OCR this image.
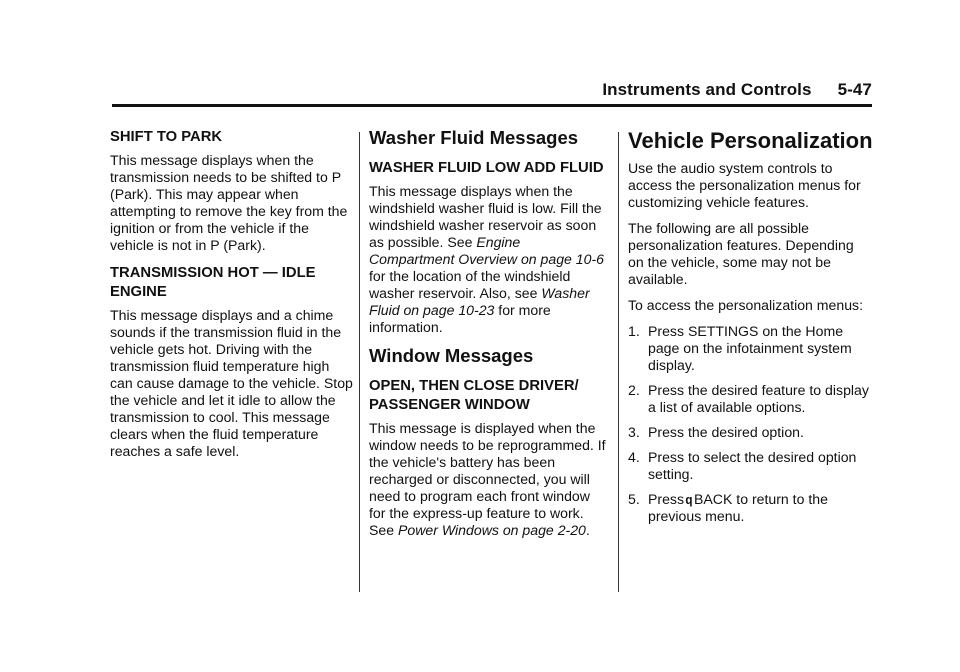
Instruments and Controls 5-47
SHIFT TO PARK

This message displays when the transmission needs to be shifted to P (Park). This may appear when attempting to remove the key from the ignition or from the vehicle if the vehicle is not in P (Park).

TRANSMISSION HOT — IDLE ENGINE

This message displays and a chime sounds if the transmission fluid in the vehicle gets hot. Driving with the transmission fluid temperature high can cause damage to the vehicle. Stop the vehicle and let it idle to allow the transmission to cool. This message clears when the fluid temperature reaches a safe level.

Washer Fluid Messages
WASHER FLUID LOW ADD FLUID

This message displays when the windshield washer fluid is low. Fill the windshield washer reservoir as soon as possible. See Engine Compartment Overview on page 10-6 for the location of the windshield washer reservoir. Also, see Washer Fluid on page 10-23 for more information.

Window Messages
OPEN, THEN CLOSE DRIVER/ PASSENGER WINDOW

This message is displayed when the window needs to be reprogrammed. If the vehicle's battery has been recharged or disconnected, you will need to program each front window for the express-up feature to work. See Power Windows on page 2-20.

Vehicle Personalization

Use the audio system controls to access the personalization menus for customizing vehicle features.

The following are all possible personalization features. Depending on the vehicle, some may not be available.

To access the personalization menus:

1. Press SETTINGS on the Home page on the infotainment system display.
2. Press the desired feature to display a list of available options.
3. Press the desired option.
4. Press to select the desired option setting.
5. PressqBACK to return to the previous menu.
